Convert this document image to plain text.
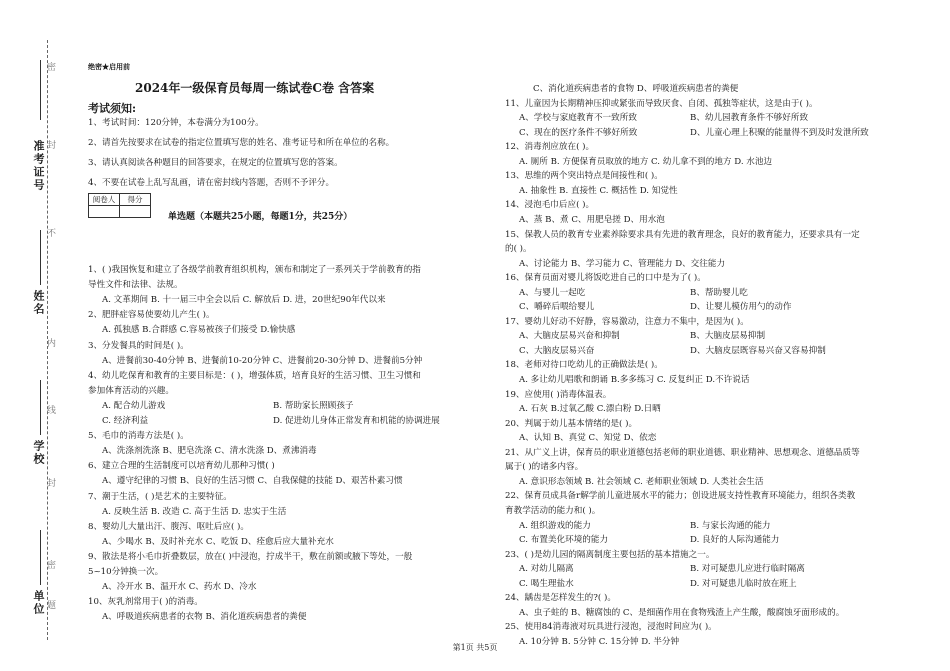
准考证号
姓名
学校
单位
密
封
不
内
线
封
密
题
绝密★启用前
2024年一级保育员每周一练试卷C卷 含答案
考试须知:
1、考试时间：120分钟，本卷满分为100分。
2、请首先按要求在试卷的指定位置填写您的姓名、准考证号和所在单位的名称。
3、请认真阅读各种题目的回答要求，在规定的位置填写您的答案。
4、不要在试卷上乱写乱画，请在密封线内答题，否则不予评分。
阅卷人	得分

单选题（本题共25小题，每题1分，共25分）
1、( )我国恢复和建立了各级学前教育组织机构，颁布和制定了一系列关于学前教育的指
导性文件和法律、法规。
A. 文革期间 B. 十一届三中全会以后 C. 解放后 D. 进，20世纪90年代以来
2、肥胖症容易使要幼儿产生( )。
A. 孤独感 B.合群感 C.容易被孩子们接受 D.愉快感
3、分发餐具的时间是( )。
A、进餐前30-40分钟 B、进餐前10-20分钟 C、进餐前20-30分钟 D、进餐前5分钟
4、幼儿吃保育和教育的主要目标是：( )，增强体质，培育良好的生活习惯、卫生习惯和
参加体育活动的兴趣。
A. 配合幼儿游戏	B. 帮助家长照顾孩子
C. 经济利益	D. 促进幼儿身体正常发育和机能的协调进展
5、毛巾的消毒方法是( )。
A、洗涤剂洗涤 B、肥皂洗涤 C、清水洗涤 D、煮沸消毒
6、建立合理的生活制度可以培育幼儿那种习惯( )
A、遵守纪律的习惯 B、良好的生活习惯 C、自我保健的技能 D、艰苦朴素习惯
7、潮于生活，( )是艺术的主要特征。
A. 反映生活 B. 改造 C. 高于生活 D. 忠实于生活
8、婴幼儿大量出汗、腹泻、呕吐后应( )。
A、少喝水 B、及时补充水 C、吃饭 D、痊愈后应大量补充水
9、散法是将小毛巾折叠数层，放在( )中浸泡，拧成半干，敷在前额或腋下等处，一般
5~10分钟换一次。
A、冷开水 B、温开水 C、药水 D、冷水
10、灰乳剂常用于( )的消毒。
A、呼吸道疾病患者的衣物 B、消化道疾病患者的粪便
C、消化道疾病患者的食物 D、呼吸道疾病患者的粪便
11、儿童因为长期精神压抑或紧张而导致厌食、自闭、孤独等症状，这是由于( )。
A、学校与家庭教育不一致所致	B、幼儿园教育条件不够好所致
C、现在的医疗条件不够好所致	D、儿童心理上积聚的能量得不到及时发泄所致
12、消毒剂应放在( )。
A. 厕所 B. 方便保育员取放的地方 C. 幼儿拿不到的地方 D. 水池边
13、思维的两个突出特点是间接性和( )。
A. 抽象性 B. 直接性 C. 概括性 D. 知觉性
14、浸泡毛巾后应( )。
A、蒸 B、煮 C、用肥皂搓 D、用水泡
15、保教人员的教育专业素养除要求具有先进的教育理念，良好的教育能力，还要求具有一定
的( )。
A、讨论能力 B、学习能力 C、管理能力 D、交往能力
16、保育员面对婴儿将饭吃进自己的口中是为了( )。
A、与婴儿一起吃	B、帮助婴儿吃
C、嚼碎后喂给婴儿	D、让婴儿模仿用勺的动作
17、婴幼儿好动不好静，容易激动，注意力不集中，是因为( )。
A、大脑皮层易兴奋和抑制	B、大脑皮层易抑制
C、大脑皮层易兴奋	D、大脑皮层既容易兴奋又容易抑制
18、老师对待口吃幼儿的正确做法是( )。
A. 多让幼儿唱歌和朗诵 B.多多练习 C. 反复纠正 D.不许说话
19、应使用( )消毒体温表。
A. 石灰 B.过氧乙酸 C.漂白粉 D.日晒
20、判属于幼儿基本情绪的是( )。
A、认知 B、真觉 C、知觉 D、依恋
21、从广义上讲，保育员的职业道德包括老师的职业道德、职业精神、思想观念、道德品质等
属于( )的诸多内容。
A. 意识形态领域 B. 社会领域 C. 老师职业领域 D. 人类社会生活
22、保育员成具备r解学前儿童进展水平的能力；创设进展支持性教育环境能力，组织各类教
育教学活动的能力和( )。
A. 组织游戏的能力	B. 与家长沟通的能力
C. 布置美化环境的能力	D. 良好的人际沟通能力
23、( )是幼儿园的隔离制度主要包括的基本措施之一。
A. 对幼儿隔离	B. 对可疑患儿应进行临时隔离
C. 喝生理盐水	D. 对可疑患儿临时放在班上
24、龋齿是怎样发生的?( )。
A、虫子蛀的 B、糖腐蚀的 C、是细菌作用在食物残渣上产生酸，酸腐蚀牙面形成的。
25、使用84消毒液对玩具进行浸泡，浸泡时间应为( )。
A. 10分钟 B. 5分钟 C. 15分钟 D. 半分钟
第1页 共5页
